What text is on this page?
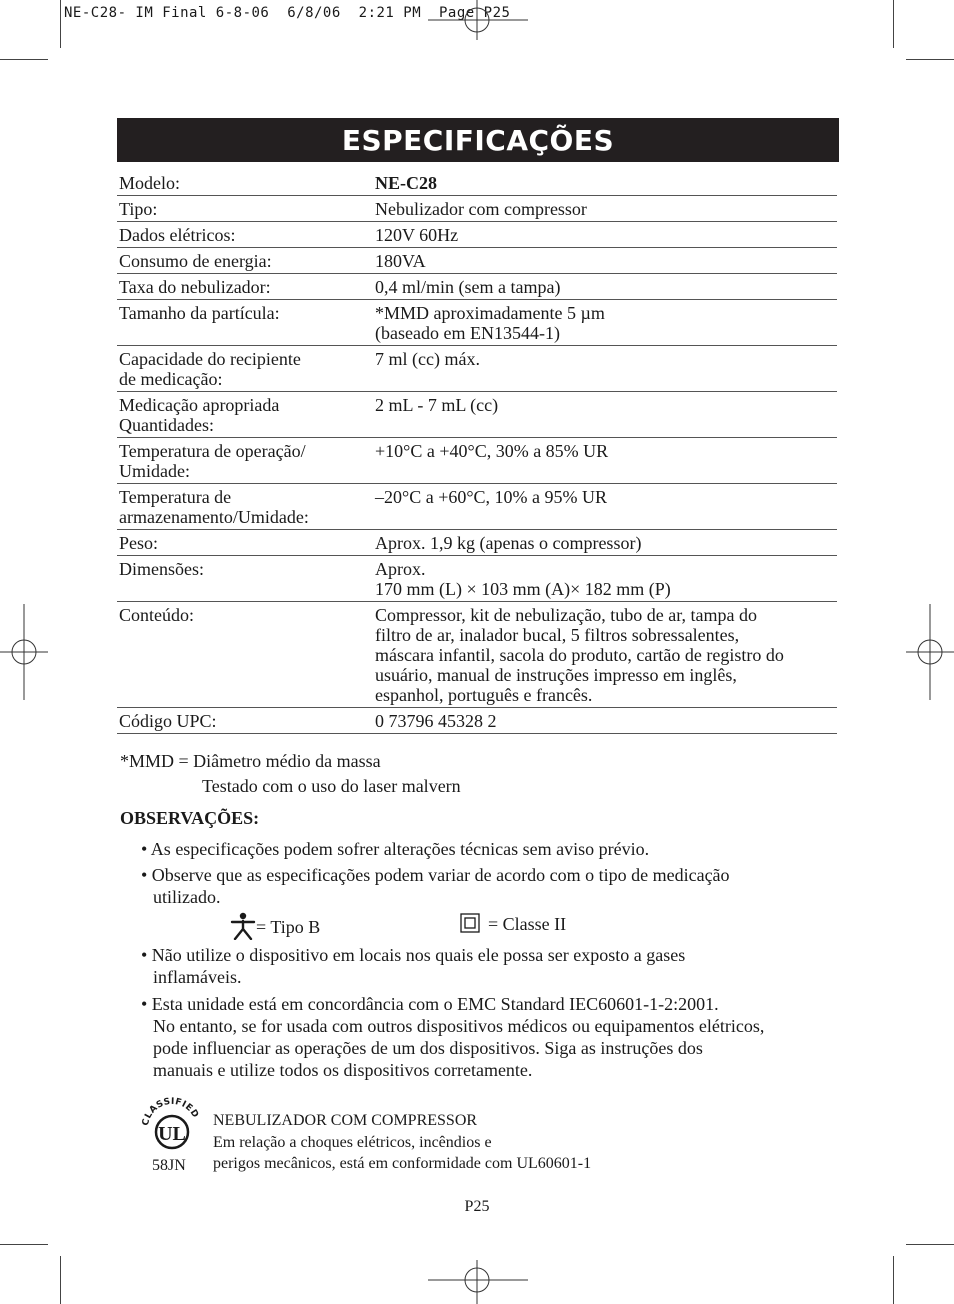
NE-C28- IM Final 6-8-06  6/8/06  2:21 PM  Page P25
ESPECIFICAÇÕES
Modelo:	NE-C28
Tipo:	Nebulizador com compressor
Dados elétricos:	120V 60Hz
Consumo de energia:	180VA
Taxa do nebulizador:	0,4 ml/min (sem a tampa)
Tamanho da partícula:	*MMD aproximadamente 5 µm
(baseado em EN13544-1)
Capacidade do recipiente
de medicação:	7 ml (cc) máx.
Medicação apropriada
Quantidades:	2 mL - 7 mL (cc)
Temperatura de operação/
Umidade:	+10°C a +40°C, 30% a 85% UR
Temperatura de
armazenamento/Umidade:	–20°C a +60°C, 10% a 95% UR
Peso:	Aprox. 1,9 kg (apenas o compressor)
Dimensões:	Aprox.
170 mm (L) × 103 mm (A)× 182 mm (P)
Conteúdo:	Compressor, kit de nebulização, tubo de ar, tampa do
filtro de ar, inalador bucal, 5 filtros sobressalentes,
máscara infantil, sacola do produto, cartão de registro do
usuário, manual de instruções impresso em inglês,
espanhol, português e francês.
Código UPC:	0 73796 45328 2
*MMD = Diâmetro médio da massa
Testado com o uso do laser malvern
OBSERVAÇÕES:
• As especificações podem sofrer alterações técnicas sem aviso prévio.
• Observe que as especificações podem variar de acordo com o tipo de medicação
utilizado.
= Tipo B	= Classe II
• Não utilize o dispositivo em locais nos quais ele possa ser exposto a gases
inflamáveis.
• Esta unidade está em concordância com o EMC Standard IEC60601-1-2:2001.
No entanto, se for usada com outros dispositivos médicos ou equipamentos elétricos,
pode influenciar as operações de um dos dispositivos. Siga as instruções dos
manuais e utilize todos os dispositivos corretamente.
CLASSIFIED
UL
58JN
NEBULIZADOR COM COMPRESSOR
Em relação a choques elétricos, incêndios e
perigos mecânicos, está em conformidade com UL60601-1
P25
